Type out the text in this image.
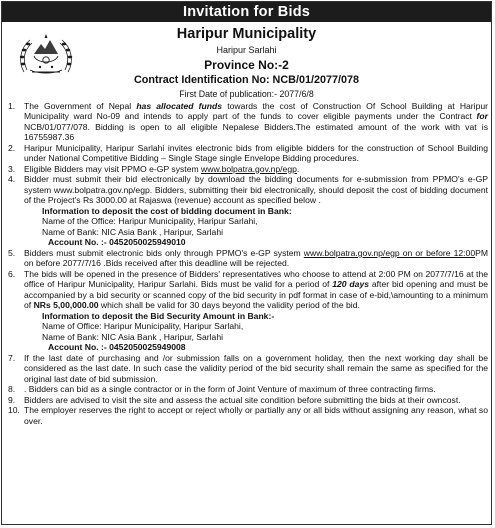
Invitation for Bids
Haripur Municipality
Haripur Sarlahi
Province No:-2
Contract Identification No: NCB/01/2077/078
First Date of publication:- 2077/6/8
1. The Government of Nepal has allocated funds towards the cost of Construction Of School Building at Haripur Municipality ward No-09 and intends to apply part of the funds to cover eligible payments under the Contract for NCB/01/077/078. Bidding is open to all eligible Nepalese Bidders.The estimated amount of the work with vat is 16755987.36
2. Haripur Municipality, Haripur Sarlahi invites electronic bids from eligible bidders for the construction of School Building under National Competitive Bidding – Single Stage single Envelope Bidding procedures.
3. Eligible Bidders may visit PPMO e-GP system www.bolpatra.gov.np/egp.
4. Bidder must submit their bid electronically by download the bidding documents for e-submission from PPMO's e-GP system www.bolpatra.gov.np/egp. Bidders, submitting their bid electronically, should deposit the cost of bidding document of the Project's Rs 3000.00 at Rajaswa (revenue) account as specified below .
Information to deposit the cost of bidding document in Bank:
Name of the Office: Haripur Municipality, Haripur Sarlahi,
Name of Bank: NIC Asia Bank , Haripur, Sarlahi
Account No. :- 0452050025949010
5. Bidders must submit electronic bids only through PPMO's e-GP system www.bolpatra.gov.np/egp on or before 12:00PM on before 2077/7/16 .Bids received after this deadline will be rejected.
6. The bids will be opened in the presence of Bidders' representatives who choose to attend at 2:00 PM on 2077/7/16 at the office of Haripur Municipality, Haripur Sarlahi. Bids must be valid for a period of 120 days after bid opening and must be accompanied by a bid security or scanned copy of the bid security in pdf format in case of e-bid,\amounting to a minimum of NRs 5,00,000.00 which shall be valid for 30 days beyond the validity period of the bid.
Information to deposit the Bid Security Amount in Bank:-
Name of Office: Haripur Municipality, Haripur Sarlahi,
Name of Bank: NIC Asia Bank , Haripur, Sarlahi
Account No. :- 0452050025949008
7. If the last date of purchasing and /or submission falls on a government holiday, then the next working day shall be considered as the last date. In such case the validity period of the bid security shall remain the same as specified for the original last date of bid submission.
8. . Bidders can bid as a single contractor or in the form of Joint Venture of maximum of three contracting firms.
9. Bidders are advised to visit the site and assess the actual site condition before submitting the bids at their owncost.
10. The employer reserves the right to accept or reject wholly or partially any or all bids without assigning any reason, what so over.
